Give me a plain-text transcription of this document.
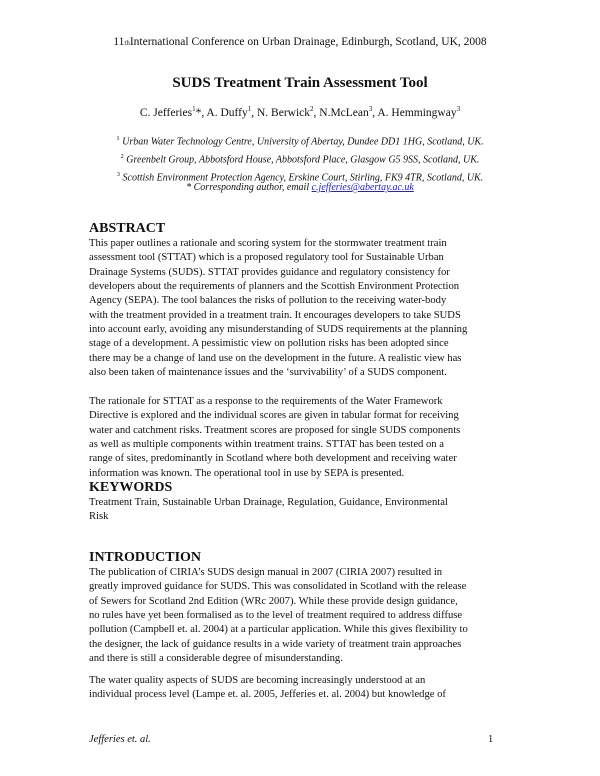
11thInternational Conference on Urban Drainage, Edinburgh, Scotland, UK, 2008
SUDS Treatment Train Assessment Tool
C. Jefferies$^1$*, A. Duffy$^1$, N. Berwick$^2$, N.McLean$^3$, A. Hemmingway$^3$
$^1$ Urban Water Technology Centre, University of Abertay, Dundee DD1 1HG, Scotland, UK.
$^2$ Greenbelt Group, Abbotsford House, Abbotsford Place, Glasgow G5 9SS, Scotland, UK.
$^3$ Scottish Environment Protection Agency, Erskine Court, Stirling, FK9 4TR, Scotland, UK.
* Corresponding author, email c.jefferies@abertay.ac.uk
ABSTRACT
This paper outlines a rationale and scoring system for the stormwater treatment train
assessment tool (STTAT) which is a proposed regulatory tool for Sustainable Urban
Drainage Systems (SUDS). STTAT provides guidance and regulatory consistency for
developers about the requirements of planners and the Scottish Environment Protection
Agency (SEPA). The tool balances the risks of pollution to the receiving water-body
with the treatment provided in a treatment train. It encourages developers to take SUDS
into account early, avoiding any misunderstanding of SUDS requirements at the planning
stage of a development. A pessimistic view on pollution risks has been adopted since
there may be a change of land use on the development in the future. A realistic view has
also been taken of maintenance issues and the ‘survivability’ of a SUDS component.
The rationale for STTAT as a response to the requirements of the Water Framework
Directive is explored and the individual scores are given in tabular format for receiving
water and catchment risks. Treatment scores are proposed for single SUDS components
as well as multiple components within treatment trains. STTAT has been tested on a
range of sites, predominantly in Scotland where both development and receiving water
information was known. The operational tool in use by SEPA is presented.
KEYWORDS
Treatment Train, Sustainable Urban Drainage, Regulation, Guidance, Environmental
Risk
INTRODUCTION
The publication of CIRIA’s SUDS design manual in 2007 (CIRIA 2007) resulted in
greatly improved guidance for SUDS. This was consolidated in Scotland with the release
of Sewers for Scotland 2nd Edition (WRc 2007). While these provide design guidance,
no rules have yet been formalised as to the level of treatment required to address diffuse
pollution (Campbell et. al. 2004) at a particular application. While this gives flexibility to
the designer, the lack of guidance results in a wide variety of treatment train approaches
and there is still a considerable degree of misunderstanding.
The water quality aspects of SUDS are becoming increasingly understood at an
individual process level (Lampe et. al. 2005, Jefferies et. al. 2004) but knowledge of
Jefferies et. al.	1
